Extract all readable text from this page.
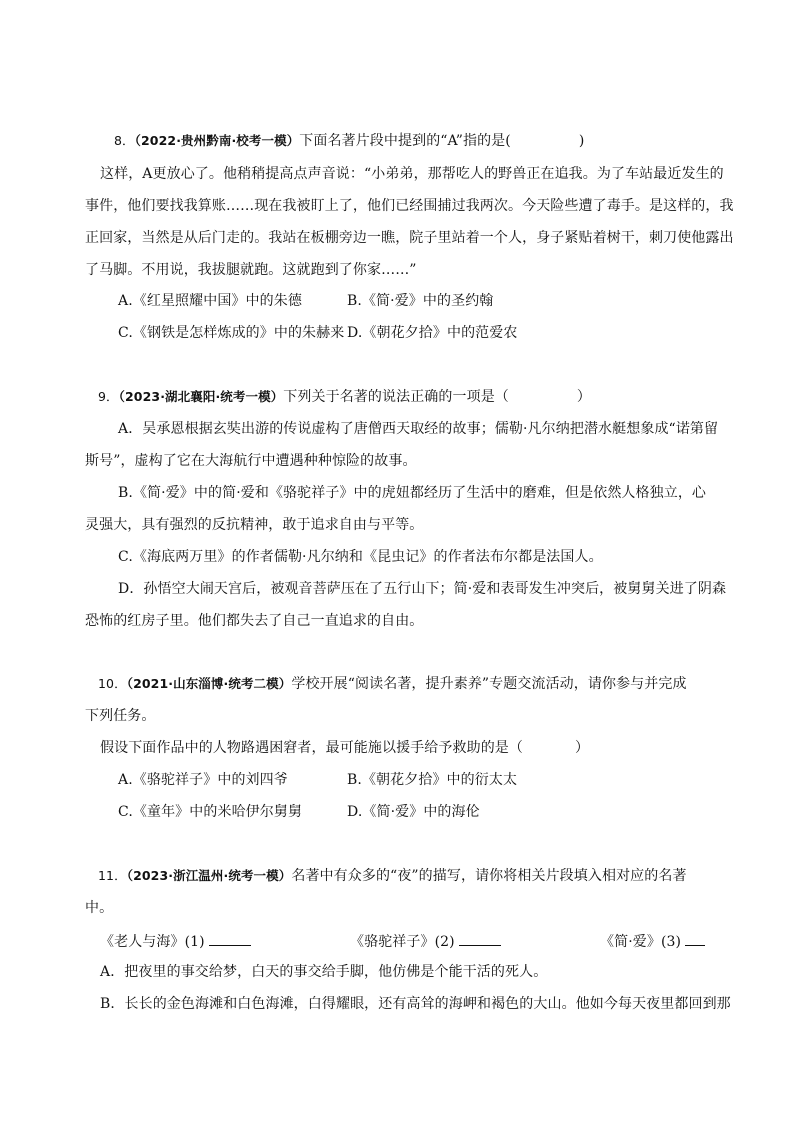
8．（2022·贵州黔南·校考一模）下面名著片段中提到的“A”指的是(	)
这样，A更放心了。他稍稍提高点声音说：“小弟弟，那帮吃人的野兽正在追我。为了车站最近发生的
事件，他们要找我算账……现在我被盯上了，他们已经围捕过我两次。今天险些遭了毒手。是这样的，我
正回家，当然是从后门走的。我站在板棚旁边一瞧，院子里站着一个人，身子紧贴着树干，刺刀使他露出
了马脚。不用说，我拔腿就跑。这就跑到了你家……”
A.《红星照耀中国》中的朱德	B.《简·爱》中的圣约翰
C.《钢铁是怎样炼成的》中的朱赫来 D.《朝花夕拾》中的范爱农
9．（2023·湖北襄阳·统考一模）下列关于名著的说法正确的一项是（	）
A．吴承恩根据玄奘出游的传说虚构了唐僧西天取经的故事；儒勒·凡尔纳把潜水艇想象成“诺第留
斯号”，虚构了它在大海航行中遭遇种种惊险的故事。
B.《简·爱》中的简·爱和《骆驼祥子》中的虎妞都经历了生活中的磨难，但是依然人格独立，心
灵强大，具有强烈的反抗精神，敢于追求自由与平等。
C.《海底两万里》的作者儒勒·凡尔纳和《昆虫记》的作者法布尔都是法国人。
D．孙悟空大闹天宫后，被观音菩萨压在了五行山下；简·爱和表哥发生冲突后，被舅舅关进了阴森
恐怖的红房子里。他们都失去了自己一直追求的自由。
10．（2021·山东淄博·统考二模）学校开展“阅读名著，提升素养”专题交流活动，请你参与并完成
下列任务。
假设下面作品中的人物路遇困窘者，最可能施以援手给予救助的是（	）
A.《骆驼祥子》中的刘四爷	B.《朝花夕拾》中的衍太太
C.《童年》中的米哈伊尔舅舅	D.《简·爱》中的海伦
11．（2023·浙江温州·统考一模）名著中有众多的“夜”的描写，请你将相关片段填入相对应的名著
中。
《老人与海》(1)	《骆驼祥子》(2)	《简·爱》(3)
A．把夜里的事交给梦，白天的事交给手脚，他仿佛是个能干活的死人。
B．长长的金色海滩和白色海滩，白得耀眼，还有高耸的海岬和褐色的大山。他如今每天夜里都回到那
